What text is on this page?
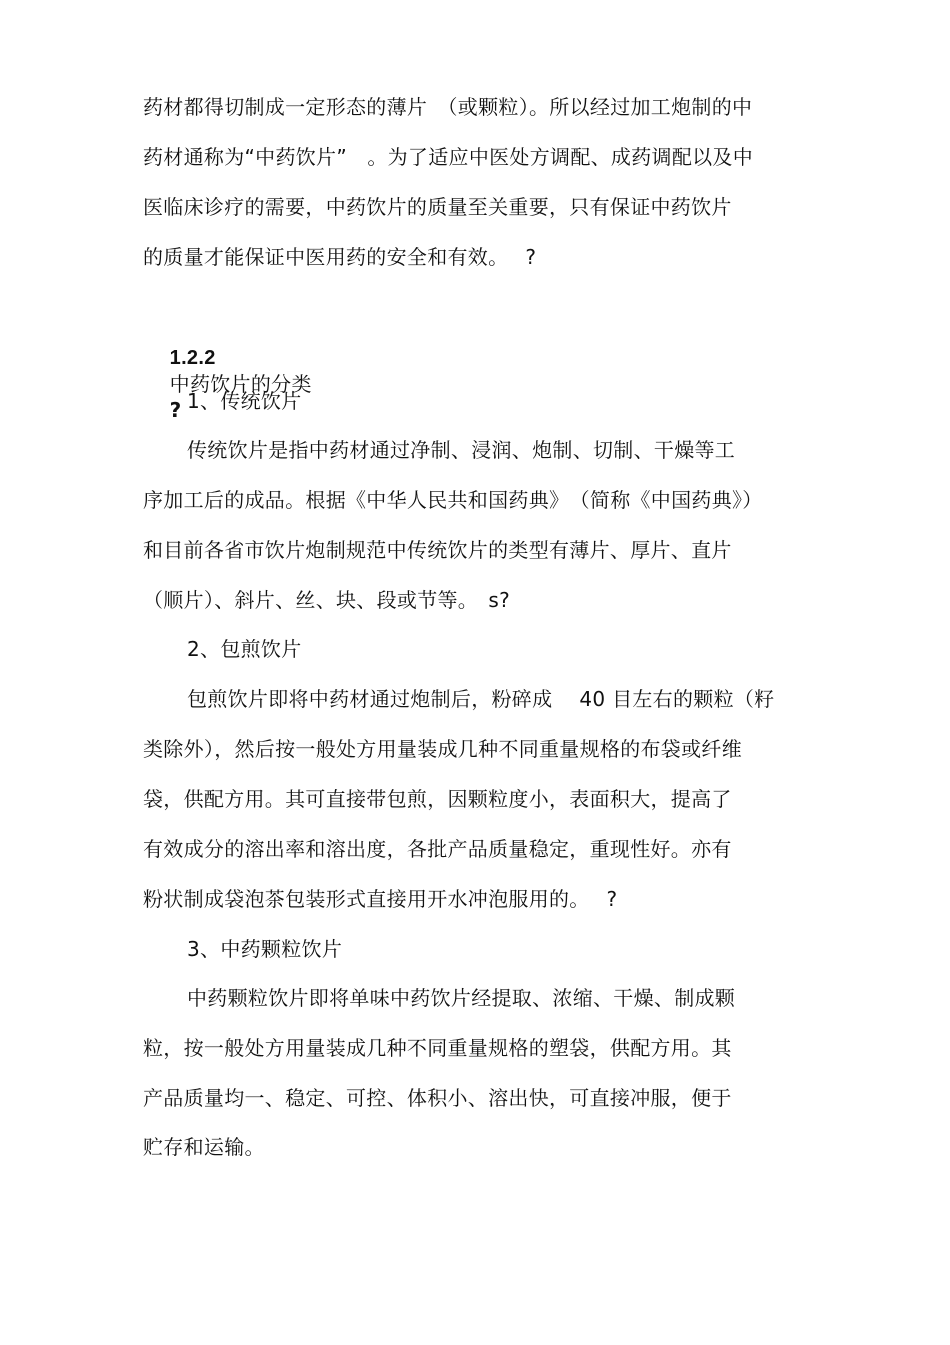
药材都得切制成一定形态的薄片　（或颗粒）。所以经过加工炮制的中
药材通称为“中药饮片”　。为了适应中医处方调配、成药调配以及中
医临床诊疗的需要，中药饮片的质量至关重要，只有保证中药饮片
的质量才能保证中医用药的安全和有效。　 ?

1.2.2
中药饮片的分类
?
1、传统饮片
传统饮片是指中药材通过净制、浸润、炮制、切制、干燥等工
序加工后的成品。根据《中华人民共和国药典》　（简称《中国药典》）
和目前各省市饮片炮制规范中传统饮片的类型有薄片、厚片、直片
（顺片）、斜片、丝、块、段或节等。　s?
2、包煎饮片
包煎饮片即将中药材通过炮制后，粉碎成　 40 目左右的颗粒（籽
类除外），然后按一般处方用量装成几种不同重量规格的布袋或纤维
袋，供配方用。其可直接带包煎，因颗粒度小，表面积大，提高了
有效成分的溶出率和溶出度，各批产品质量稳定，重现性好。亦有
粉状制成袋泡茶包装形式直接用开水冲泡服用的。　 ?
3、中药颗粒饮片
中药颗粒饮片即将单味中药饮片经提取、浓缩、干燥、制成颗
粒，按一般处方用量装成几种不同重量规格的塑袋，供配方用。其
产品质量均一、稳定、可控、体积小、溶出快，可直接冲服，便于
贮存和运输。
